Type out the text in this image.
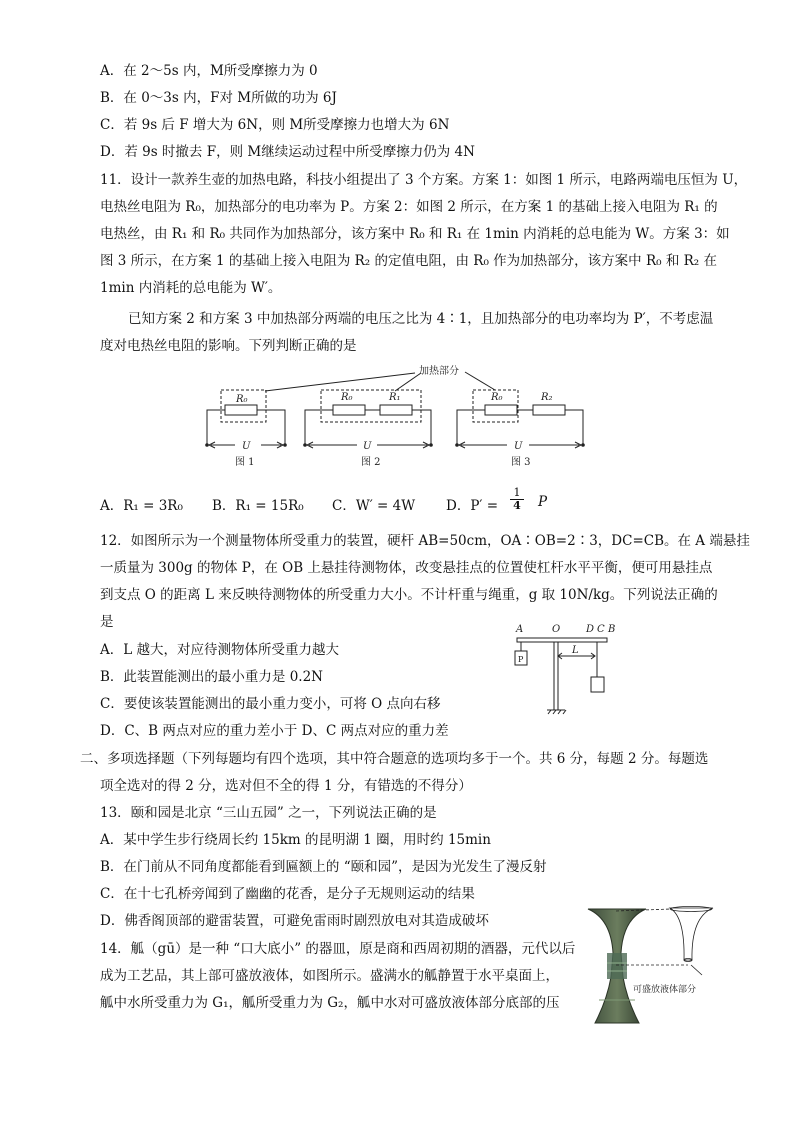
A．在 2～5s 内，M所受摩擦力为 0
B．在 0～3s 内，F对 M所做的功为 6J
C．若 9s 后 F 增大为 6N，则 M所受摩擦力也增大为 6N
D．若 9s 时撤去 F，则 M继续运动过程中所受摩擦力仍为 4N
11．设计一款养生壶的加热电路，科技小组提出了 3 个方案。方案 1：如图 1 所示，电路两端电压恒为 U，
电热丝电阻为 R₀，加热部分的电功率为 P。方案 2：如图 2 所示，在方案 1 的基础上接入电阻为 R₁ 的
电热丝，由 R₁ 和 R₀ 共同作为加热部分，该方案中 R₀ 和 R₁ 在 1min 内消耗的总电能为 W。方案 3：如
图 3 所示，在方案 1 的基础上接入电阻为 R₂ 的定值电阻，由 R₀ 作为加热部分，该方案中 R₀ 和 R₂ 在
1min 内消耗的总电能为 W′。
已知方案 2 和方案 3 中加热部分两端的电压之比为 4∶1，且加热部分的电功率均为 P′，不考虑温
度对电热丝电阻的影响。下列判断正确的是
加热部分
R₀	R₀	R₁	R₀	R₂
U	U	U
图 1	图 2	图 3
A．R₁ = 3R₀ B．R₁ = 15R₀ C．W′ = 4W D．P′ =	P
$\frac{1}{4}$
12．如图所示为一个测量物体所受重力的装置，硬杆 AB=50cm，OA∶OB=2∶3，DC=CB。在 A 端悬挂
一质量为 300g 的物体 P，在 OB 上悬挂待测物体，改变悬挂点的位置使杠杆水平平衡，便可用悬挂点
到支点 O 的距离 L 来反映待测物体的所受重力大小。不计杆重与绳重，g 取 10N/kg。下列说法正确的
是
A．L 越大，对应待测物体所受重力越大
B．此装置能测出的最小重力是 0.2N
C．要使该装置能测出的最小重力变小，可将 O 点向右移
D．C、B 两点对应的重力差小于 D、C 两点对应的重力差
A	O	D C B
L
P
二、多项选择题（下列每题均有四个选项，其中符合题意的选项均多于一个。共 6 分，每题 2 分。每题选
项全选对的得 2 分，选对但不全的得 1 分，有错选的不得分）
13．颐和园是北京 “三山五园” 之一，下列说法正确的是
A．某中学生步行绕周长约 15km 的昆明湖 1 圈，用时约 15min
B．在门前从不同角度都能看到匾额上的 “颐和园”，是因为光发生了漫反射
C．在十七孔桥旁闻到了幽幽的花香，是分子无规则运动的结果
D．佛香阁顶部的避雷装置，可避免雷雨时剧烈放电对其造成破坏
14．觚（gū）是一种 “口大底小” 的器皿，原是商和西周初期的酒器，元代以后
成为工艺品，其上部可盛放液体，如图所示。盛满水的觚静置于水平桌面上，
觚中水所受重力为 G₁，觚所受重力为 G₂，觚中水对可盛放液体部分底部的压
可盛放液体部分
